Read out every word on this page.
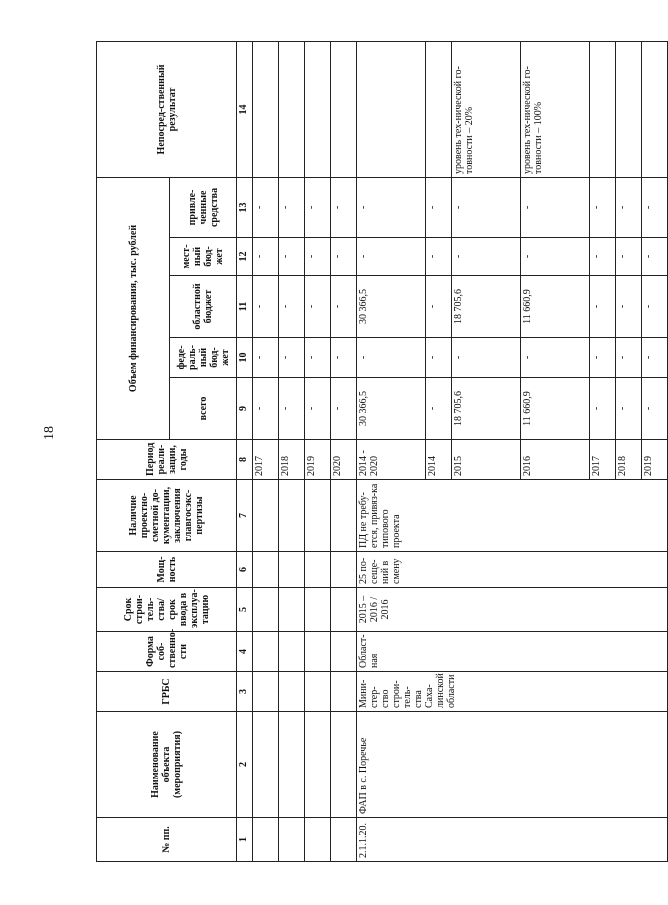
18
№ пп.	Наименование объекта (мероприятия)	ГРБС	Форма соб-ственно-сти	Срок строи-тель-ства/срок ввода в эксплуа-тацию	Мощ-ность	Наличие проектно-сметной до-кументации, заключения главгосэкс-пертизы	Период реали-зации, годы	Объем финансирования, тыс. рублей					Непосред-ственный результат
								всего	феде-раль-ный бюд-жет	областной бюджет	мест-ный бюд-жет	привле-ченные средства	
1	2	3	4	5	6	7	8	9	10	11	12	13	14
							2017	-	-	-	-	-	
							2018	-	-	-	-	-	
							2019	-	-	-	-	-	
							2020	-	-	-	-	-	
2.1.1.20.	ФАП в с. Поречье	Мини-стер-ство строи-тель-ства Саха-линской области	Област-ная	2015 – 2016 / 2016	25 по-сеще-ний в смену	ПД не требу-ется, привяз-ка типового проекта	2014 - 2020	30 366,5	-	30 366,5	-	-	
							2014	-	-	-	-	-	
							2015	18 705,6	-	18 705,6	-	-	уровень тех-нической го-товности – 20%
							2016	11 660,9	-	11 660,9	-	-	уровень тех-нической го-товности – 100%
							2017	-	-	-	-	-	
							2018	-	-	-	-	-	
							2019	-	-	-	-	-	
